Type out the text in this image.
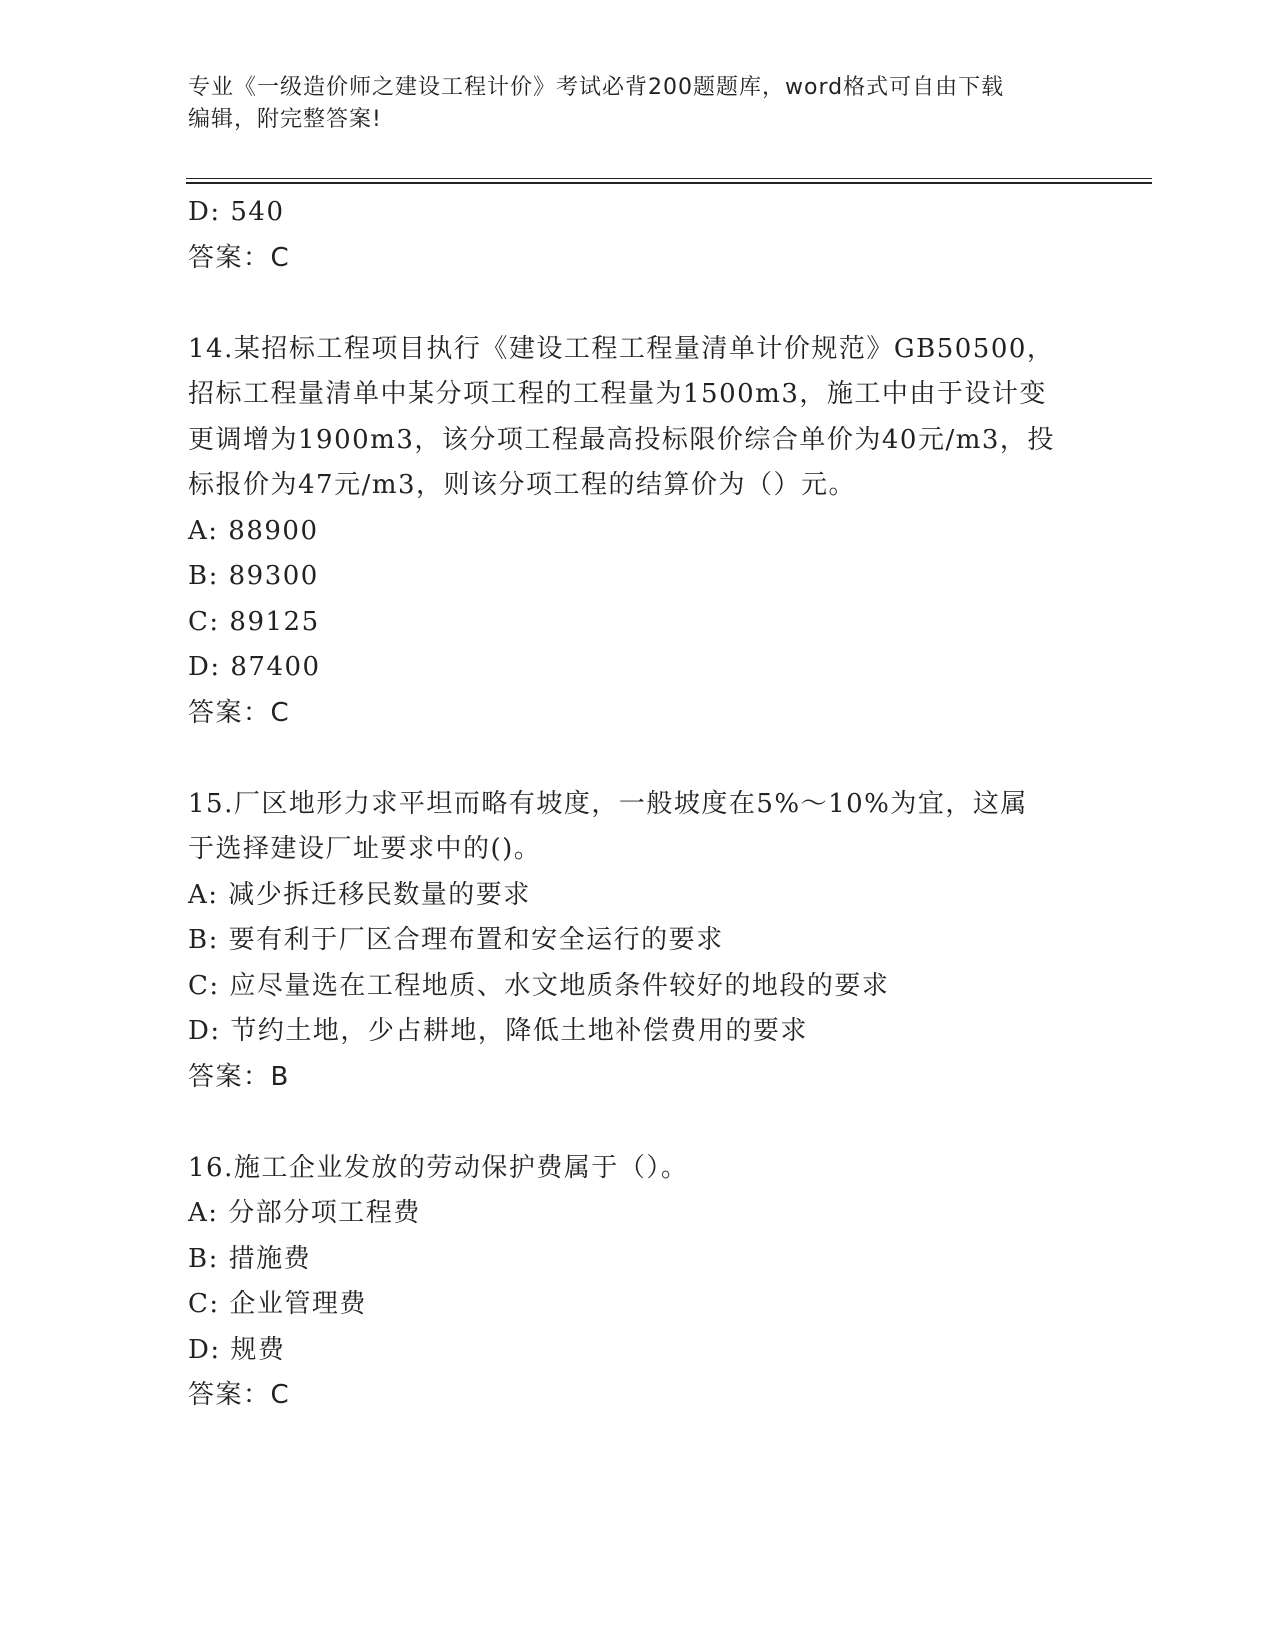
专业《一级造价师之建设工程计价》考试必背200题题库，word格式可自由下载
编辑，附完整答案!
D: 540
答案：C
14.某招标工程项目执行《建设工程工程量清单计价规范》GB50500，
招标工程量清单中某分项工程的工程量为1500m3，施工中由于设计变
更调增为1900m3，该分项工程最高投标限价综合单价为40元/m3，投
标报价为47元/m3，则该分项工程的结算价为（）元。
A: 88900
B: 89300
C: 89125
D: 87400
答案：C
15.厂区地形力求平坦而略有坡度，一般坡度在5%～10%为宜，这属
于选择建设厂址要求中的()。
A: 减少拆迁移民数量的要求
B: 要有利于厂区合理布置和安全运行的要求
C: 应尽量选在工程地质、水文地质条件较好的地段的要求
D: 节约土地，少占耕地，降低土地补偿费用的要求
答案：B
16.施工企业发放的劳动保护费属于（）。
A: 分部分项工程费
B: 措施费
C: 企业管理费
D: 规费
答案：C
